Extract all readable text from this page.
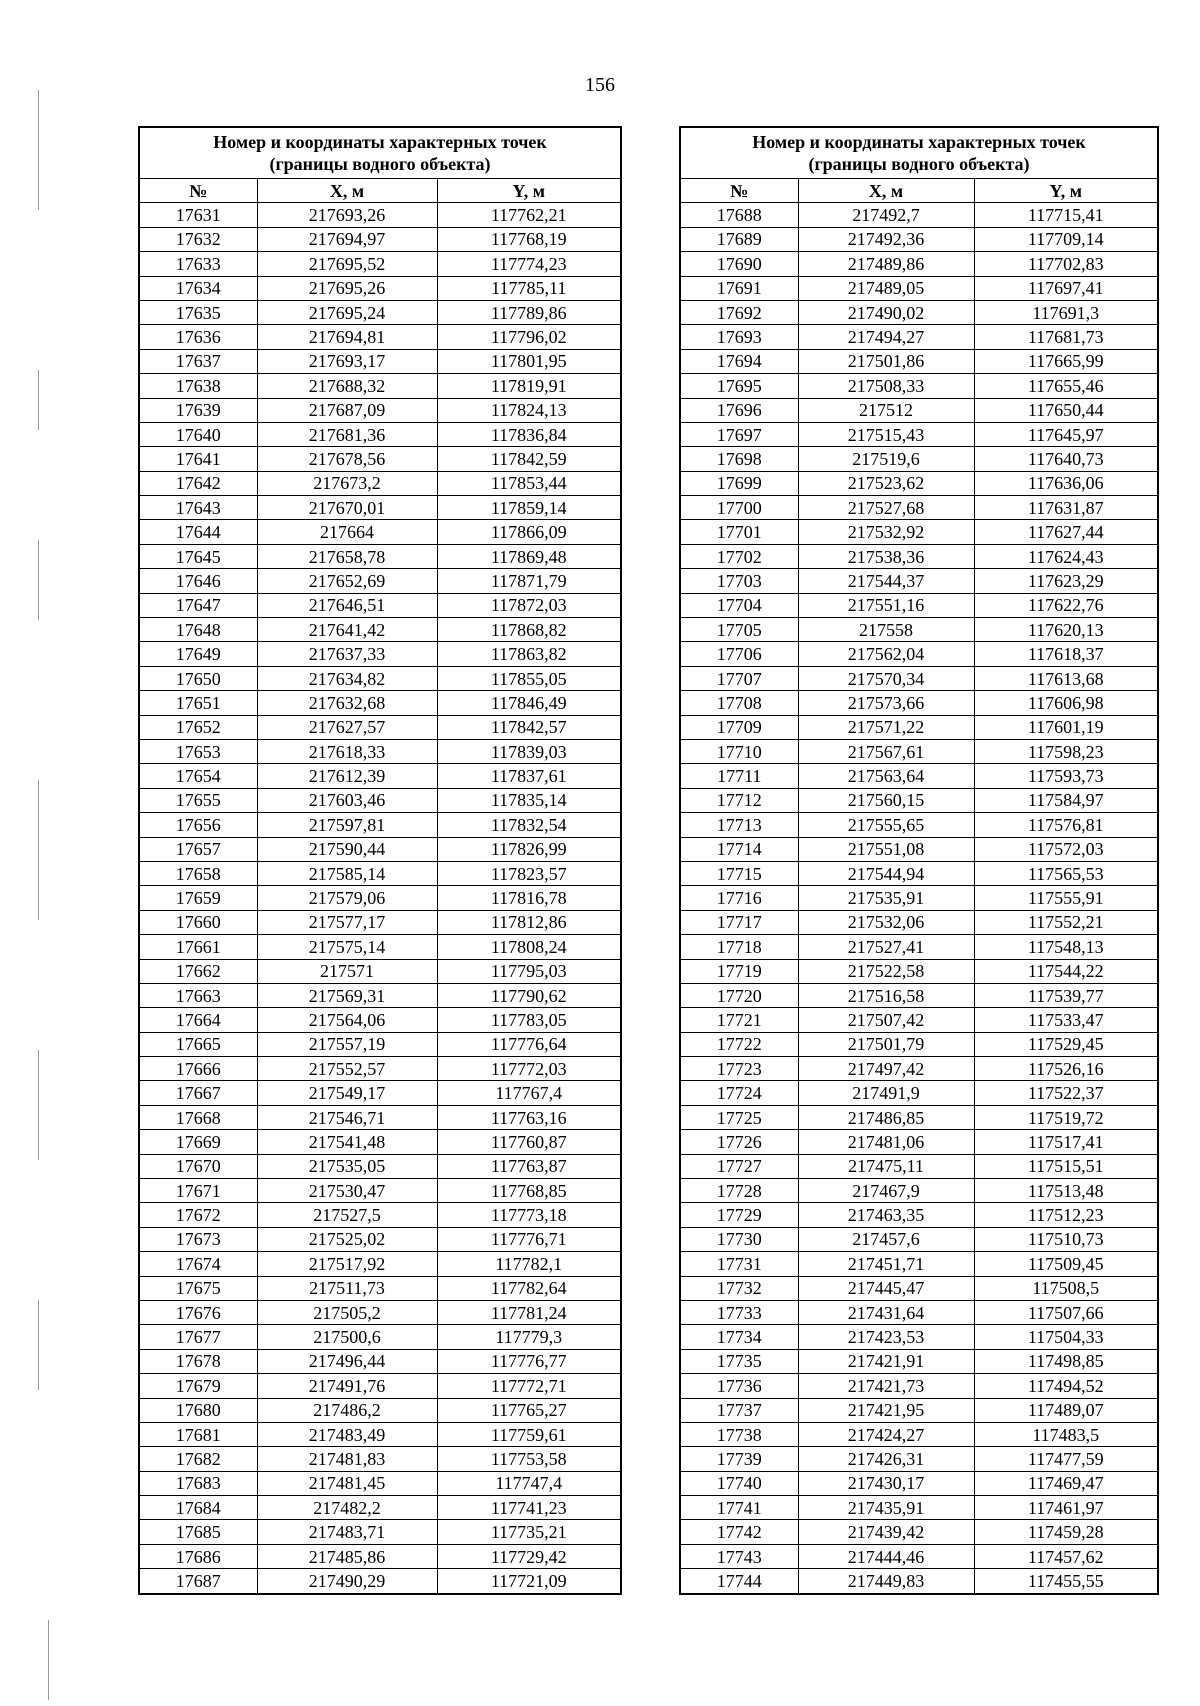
156
Номер и координаты характерных точек
(границы водного объекта)		
№	X, м	Y, м
17631	217693,26	117762,21
17632	217694,97	117768,19
17633	217695,52	117774,23
17634	217695,26	117785,11
17635	217695,24	117789,86
17636	217694,81	117796,02
17637	217693,17	117801,95
17638	217688,32	117819,91
17639	217687,09	117824,13
17640	217681,36	117836,84
17641	217678,56	117842,59
17642	217673,2	117853,44
17643	217670,01	117859,14
17644	217664	117866,09
17645	217658,78	117869,48
17646	217652,69	117871,79
17647	217646,51	117872,03
17648	217641,42	117868,82
17649	217637,33	117863,82
17650	217634,82	117855,05
17651	217632,68	117846,49
17652	217627,57	117842,57
17653	217618,33	117839,03
17654	217612,39	117837,61
17655	217603,46	117835,14
17656	217597,81	117832,54
17657	217590,44	117826,99
17658	217585,14	117823,57
17659	217579,06	117816,78
17660	217577,17	117812,86
17661	217575,14	117808,24
17662	217571	117795,03
17663	217569,31	117790,62
17664	217564,06	117783,05
17665	217557,19	117776,64
17666	217552,57	117772,03
17667	217549,17	117767,4
17668	217546,71	117763,16
17669	217541,48	117760,87
17670	217535,05	117763,87
17671	217530,47	117768,85
17672	217527,5	117773,18
17673	217525,02	117776,71
17674	217517,92	117782,1
17675	217511,73	117782,64
17676	217505,2	117781,24
17677	217500,6	117779,3
17678	217496,44	117776,77
17679	217491,76	117772,71
17680	217486,2	117765,27
17681	217483,49	117759,61
17682	217481,83	117753,58
17683	217481,45	117747,4
17684	217482,2	117741,23
17685	217483,71	117735,21
17686	217485,86	117729,42
17687	217490,29	117721,09
Номер и координаты характерных точек
(границы водного объекта)		
№	X, м	Y, м
17688	217492,7	117715,41
17689	217492,36	117709,14
17690	217489,86	117702,83
17691	217489,05	117697,41
17692	217490,02	117691,3
17693	217494,27	117681,73
17694	217501,86	117665,99
17695	217508,33	117655,46
17696	217512	117650,44
17697	217515,43	117645,97
17698	217519,6	117640,73
17699	217523,62	117636,06
17700	217527,68	117631,87
17701	217532,92	117627,44
17702	217538,36	117624,43
17703	217544,37	117623,29
17704	217551,16	117622,76
17705	217558	117620,13
17706	217562,04	117618,37
17707	217570,34	117613,68
17708	217573,66	117606,98
17709	217571,22	117601,19
17710	217567,61	117598,23
17711	217563,64	117593,73
17712	217560,15	117584,97
17713	217555,65	117576,81
17714	217551,08	117572,03
17715	217544,94	117565,53
17716	217535,91	117555,91
17717	217532,06	117552,21
17718	217527,41	117548,13
17719	217522,58	117544,22
17720	217516,58	117539,77
17721	217507,42	117533,47
17722	217501,79	117529,45
17723	217497,42	117526,16
17724	217491,9	117522,37
17725	217486,85	117519,72
17726	217481,06	117517,41
17727	217475,11	117515,51
17728	217467,9	117513,48
17729	217463,35	117512,23
17730	217457,6	117510,73
17731	217451,71	117509,45
17732	217445,47	117508,5
17733	217431,64	117507,66
17734	217423,53	117504,33
17735	217421,91	117498,85
17736	217421,73	117494,52
17737	217421,95	117489,07
17738	217424,27	117483,5
17739	217426,31	117477,59
17740	217430,17	117469,47
17741	217435,91	117461,97
17742	217439,42	117459,28
17743	217444,46	117457,62
17744	217449,83	117455,55
